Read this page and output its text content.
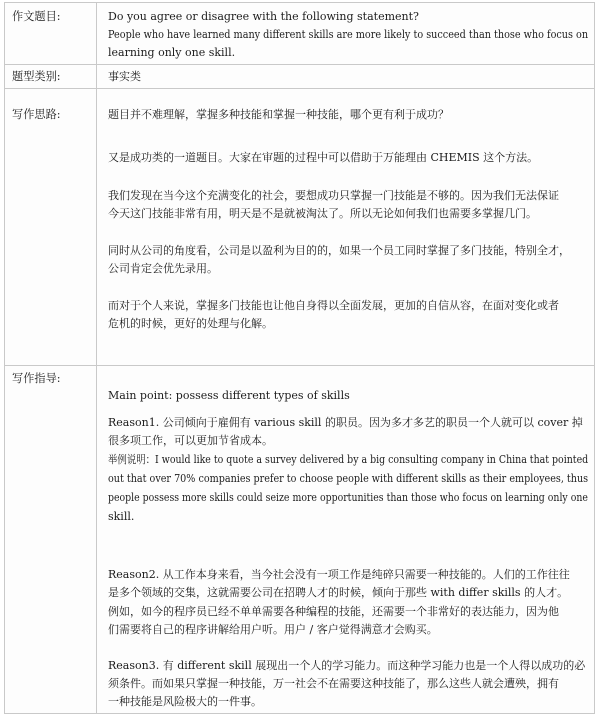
作文题目:	Do you agree or disagree with the following statement?
People who have learned many different skills are more likely to succeed than those who focus on
learning only one skill.
题型类别:	事实类
写作思路:	题目并不难理解，掌握多种技能和掌握一种技能，哪个更有利于成功？
又是成功类的一道题目。大家在审题的过程中可以借助于万能理由 CHEMIS 这个方法。
我们发现在当今这个充满变化的社会，要想成功只掌握一门技能是不够的。因为我们无法保证
今天这门技能非常有用，明天是不是就被淘汰了。所以无论如何我们也需要多掌握几门。
同时从公司的角度看，公司是以盈利为目的的，如果一个员工同时掌握了多门技能，特别全才，
公司肯定会优先录用。
而对于个人来说，掌握多门技能也让他自身得以全面发展，更加的自信从容，在面对变化或者
危机的时候，更好的处理与化解。
写作指导:
Main point: possess different types of skills
Reason1. 公司倾向于雇佣有 various skill 的职员。因为多才多艺的职员一个人就可以 cover 掉
很多项工作，可以更加节省成本。
举例说明：I would like to quote a survey delivered by a big consulting company in China that pointed
out that over 70% companies prefer to choose people with different skills as their employees, thus
people possess more skills could seize more opportunities than those who focus on learning only one
skill.
Reason2. 从工作本身来看，当今社会没有一项工作是纯碎只需要一种技能的。人们的工作往往
是多个领域的交集，这就需要公司在招聘人才的时候，倾向于那些 with differ skills 的人才。
例如，如今的程序员已经不单单需要各种编程的技能，还需要一个非常好的表达能力，因为他
们需要将自己的程序讲解给用户听。用户 / 客户觉得满意才会购买。
Reason3. 有 different skill 展现出一个人的学习能力。而这种学习能力也是一个人得以成功的必
须条件。而如果只掌握一种技能，万一社会不在需要这种技能了，那么这些人就会遭殃，拥有
一种技能是风险极大的一件事。
